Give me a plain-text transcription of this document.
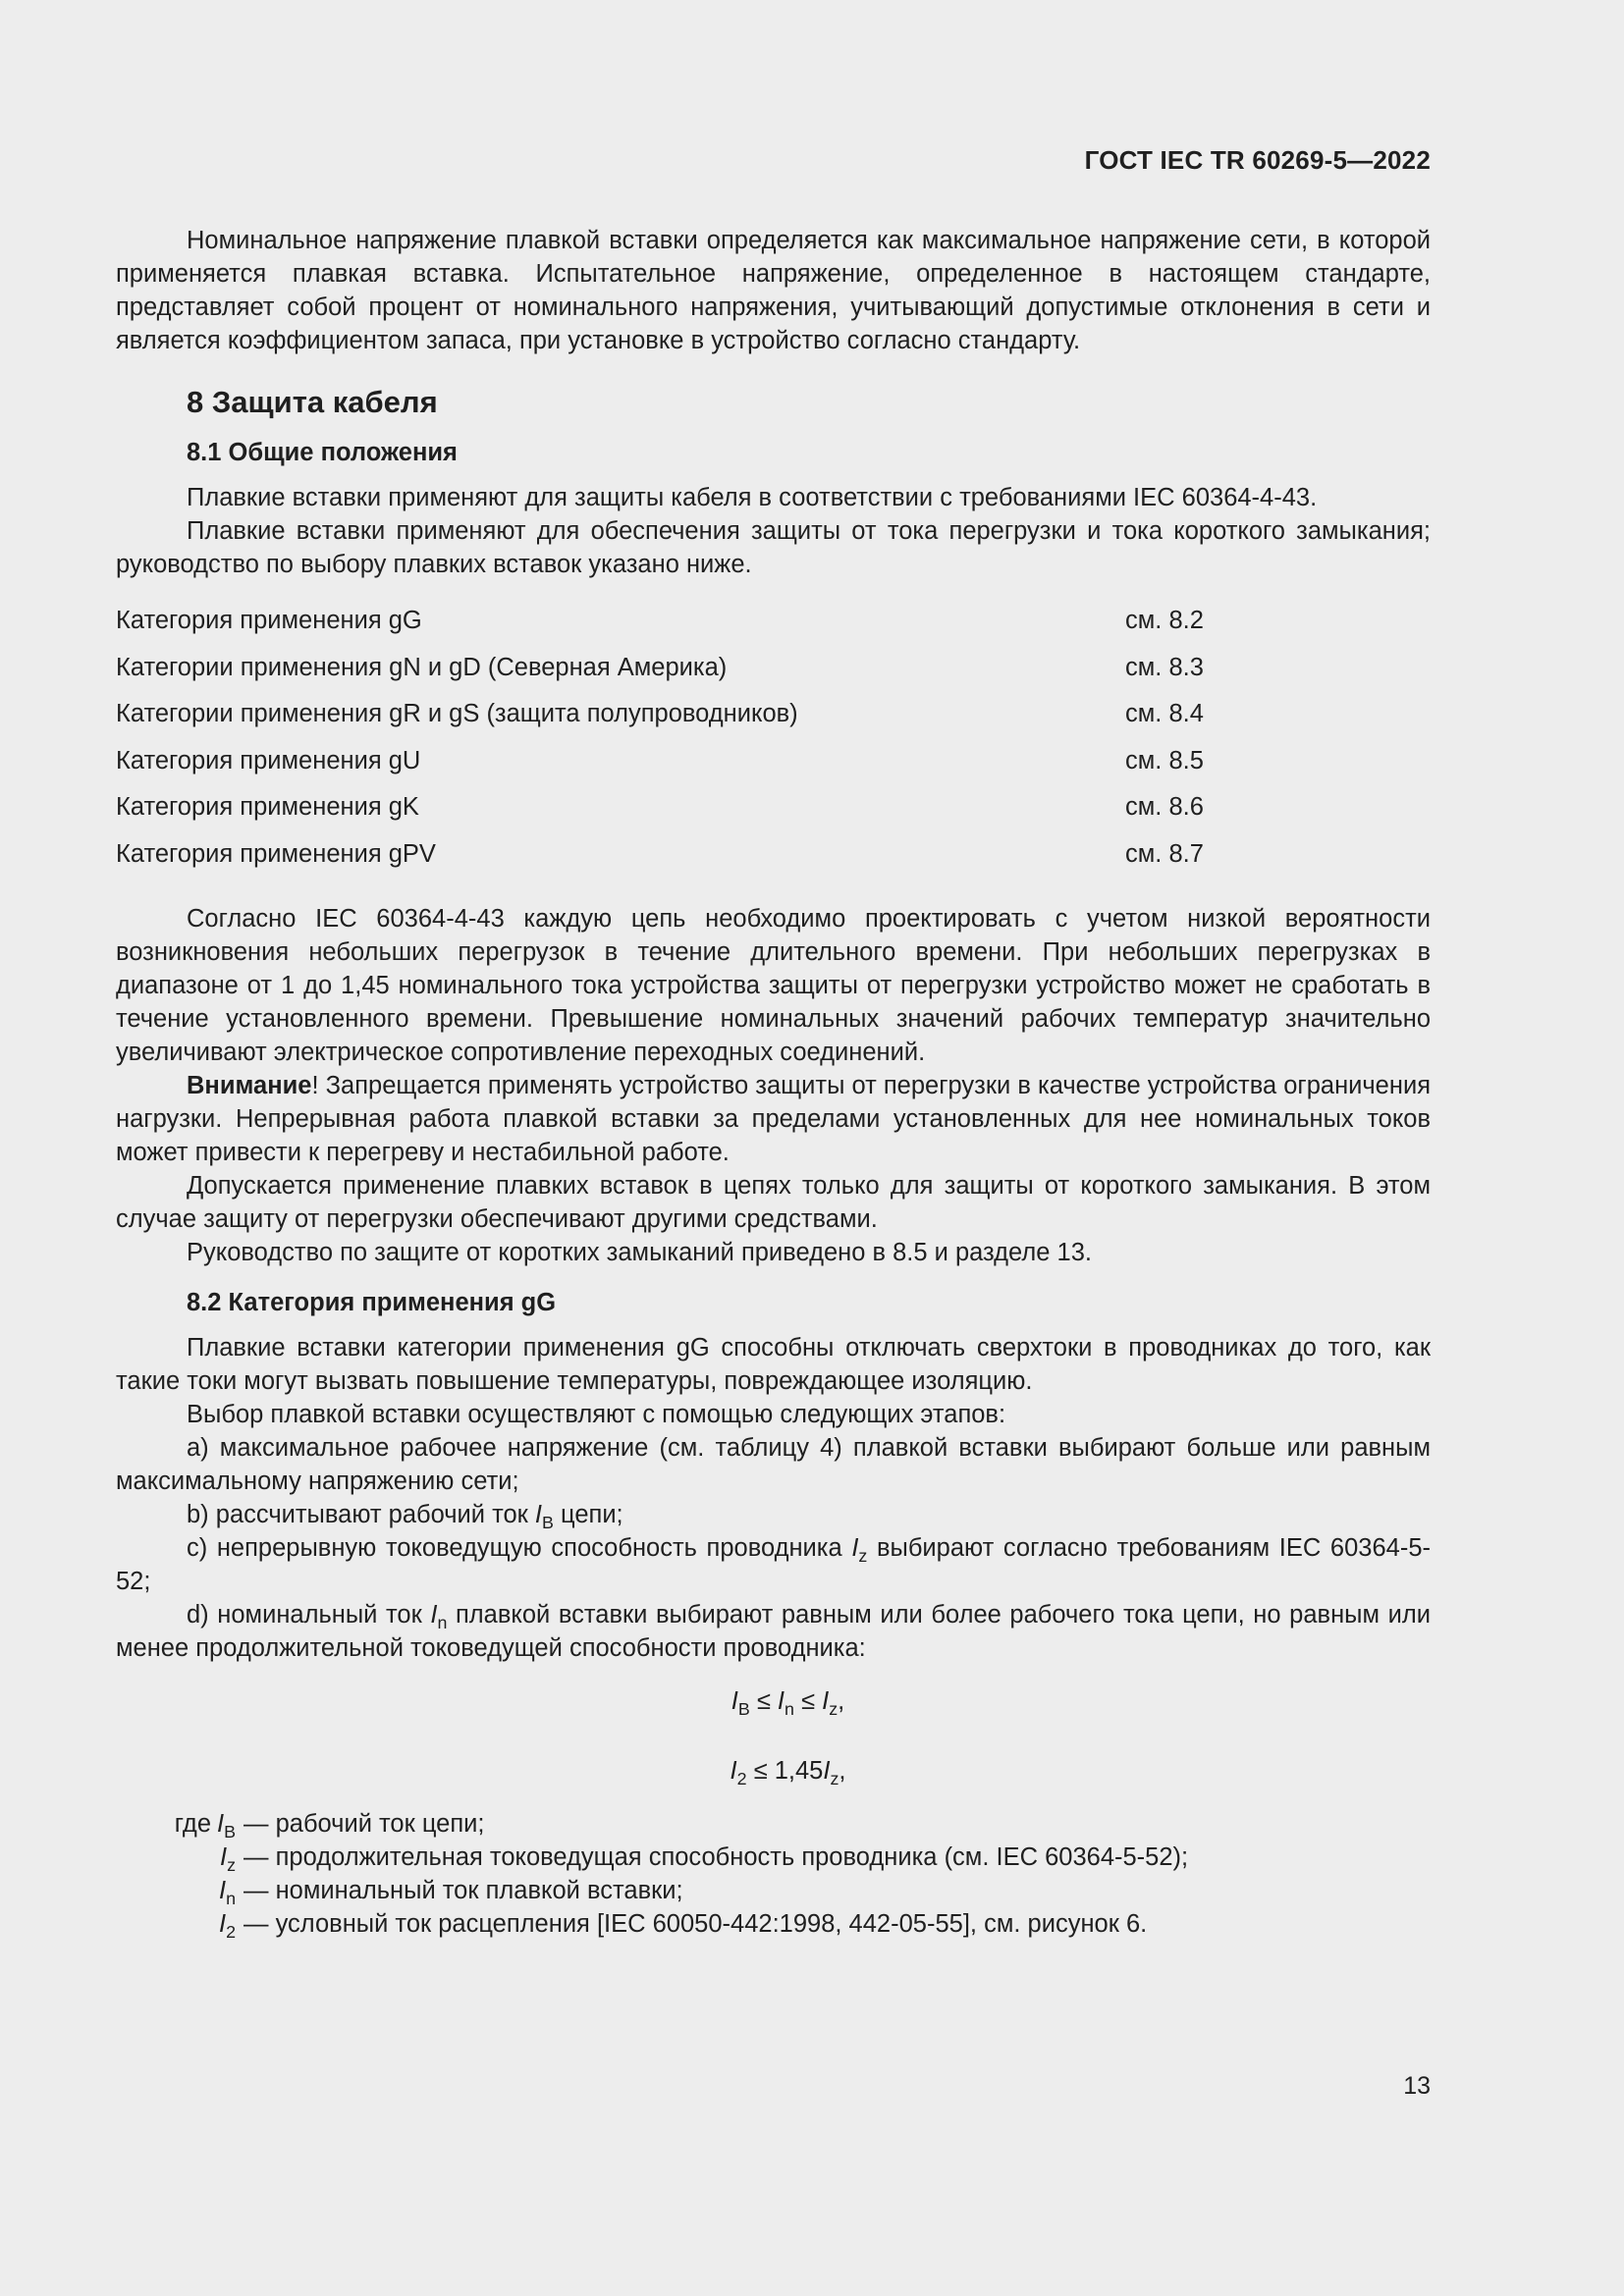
ГОСТ IEC TR 60269-5—2022

Номинальное напряжение плавкой вставки определяется как максимальное напряжение сети, в которой применяется плавкая вставка. Испытательное напряжение, определенное в настоящем стандарте, представляет собой процент от номинального напряжения, учитывающий допустимые отклонения в сети и является коэффициентом запаса, при установке в устройство согласно стандарту.

8 Защита кабеля
8.1 Общие положения

Плавкие вставки применяют для защиты кабеля в соответствии с требованиями IEC 60364-4-43.

Плавкие вставки применяют для обеспечения защиты от тока перегрузки и тока короткого замыкания; руководство по выбору плавких вставок указано ниже.

Категория применения gG	см. 8.2
Категории применения gN и gD (Северная Америка)	см. 8.3
Категории применения gR и gS (защита полупроводников)	см. 8.4
Категория применения gU	см. 8.5
Категория применения gK	см. 8.6
Категория применения gPV	см. 8.7

Согласно IEC 60364-4-43 каждую цепь необходимо проектировать с учетом низкой вероятности возникновения небольших перегрузок в течение длительного времени. При небольших перегрузках в диапазоне от 1 до 1,45 номинального тока устройства защиты от перегрузки устройство может не сработать в течение установленного времени. Превышение номинальных значений рабочих температур значительно увеличивают электрическое сопротивление переходных соединений.

Внимание! Запрещается применять устройство защиты от перегрузки в качестве устройства ограничения нагрузки. Непрерывная работа плавкой вставки за пределами установленных для нее номинальных токов может привести к перегреву и нестабильной работе.

Допускается применение плавких вставок в цепях только для защиты от короткого замыкания. В этом случае защиту от перегрузки обеспечивают другими средствами.

Руководство по защите от коротких замыканий приведено в 8.5 и разделе 13.

8.2 Категория применения gG

Плавкие вставки категории применения gG способны отключать сверхтоки в проводниках до того, как такие токи могут вызвать повышение температуры, повреждающее изоляцию.

Выбор плавкой вставки осуществляют с помощью следующих этапов:

a) максимальное рабочее напряжение (см. таблицу 4) плавкой вставки выбирают больше или равным максимальному напряжению сети;

b) рассчитывают рабочий ток $I_B$ цепи;

c) непрерывную токоведущую способность проводника $I_z$ выбирают согласно требованиям IEC 60364-5-52;

d) номинальный ток $I_n$ плавкой вставки выбирают равным или более рабочего тока цепи, но равным или менее продолжительной токоведущей способности проводника:

$I_B \le I_n \le I_z$,
$I_2 \le 1,45I_z$,
где $I_B$ — рабочий ток цепи;
$I_z$ — продолжительная токоведущая способность проводника (см. IEC 60364-5-52);
$I_n$ — номинальный ток плавкой вставки;
$I_2$ — условный ток расцепления [IEC 60050-442:1998, 442-05-55], см. рисунок 6.
13
